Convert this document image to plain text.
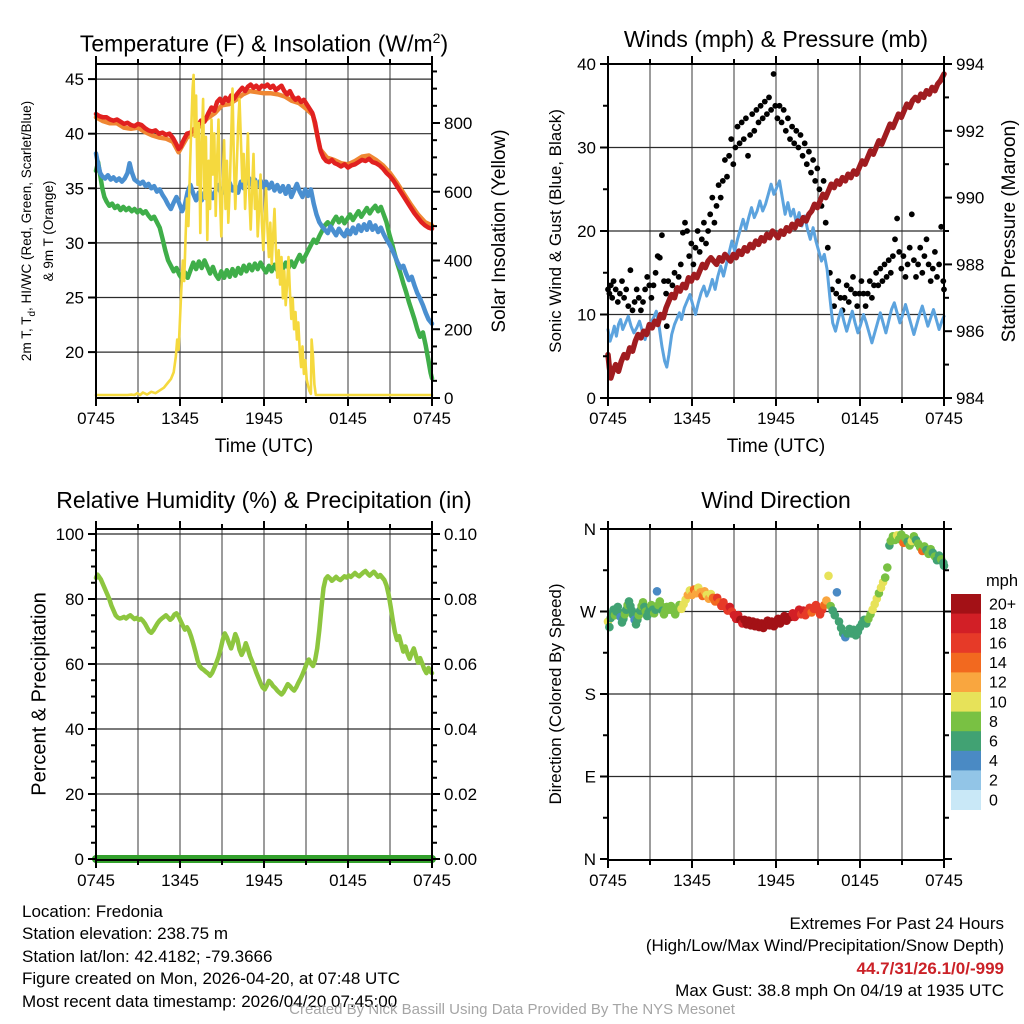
0745	1345	1945	0145	0745
20
25
30
35
40
45
0
200
400
600
800
0745	1345	1945	0145	0745
0
10
20
30
40
984
986
988
990
992
994
0745	1345	1945	0145	0745
0
20
40
60
80
100
0.00
0.02
0.04
0.06
0.08
0.10
0745	1345	1945	0145	0745
N
W
S
E
N
mph
20+
18
16
14
12
10
8
6
4
2
0
Temperature (F) & Insolation $(W/m^2)$	Winds (mph) & Pressure (mb)
Relative Humidity (%) & Precipitation (in)	Wind Direction
2m T, $T_d$, HI/WC (Red, Green, Scarlet/Blue) & 9m T (Orange)	Solar Insolation (Yellow) Sonic Wind & Gust (Blue, Black)	Station Pressure (Maroon)
Percent & Precipitation	Direction (Colored By Speed)
Time (UTC)	Time (UTC)
Location: Fredonia
Station elevation: 238.75 m
Station lat/lon: 42.4182; -79.3666
Figure created on Mon, 2026-04-20, at 07:48 UTC
Most recent data timestamp: 2026/04/20 07:45:00
Extremes For Past 24 Hours
(High/Low/Max Wind/Precipitation/Snow Depth)
44.7/31/26.1/0/-999
Max Gust: 38.8 mph On 04/19 at 1935 UTC
Created By Nick Bassill Using Data Provided By The NYS Mesonet
